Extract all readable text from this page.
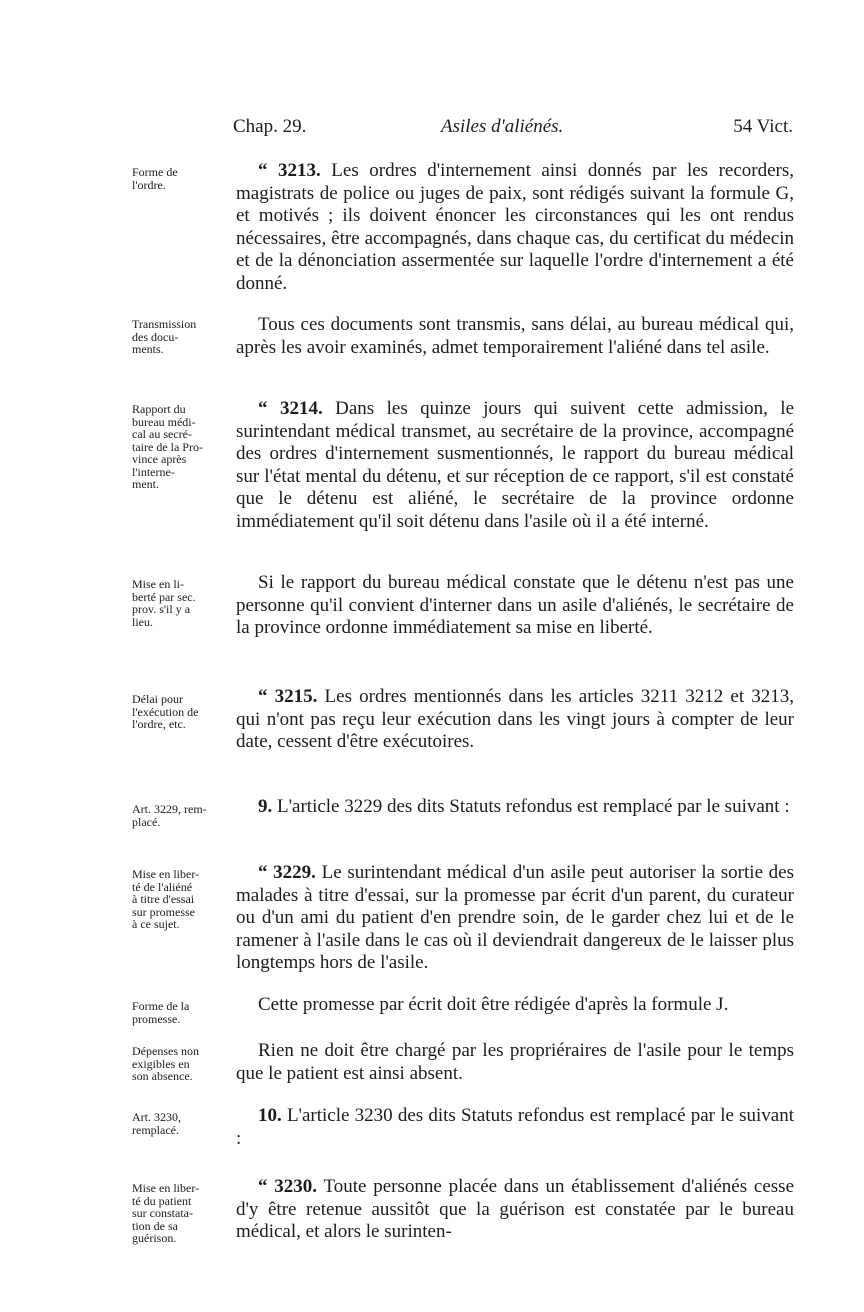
Chap. 29.	Asiles d'aliénés.	54 Vict.
Forme de
l'ordre.
Transmission
des docu-
ments.
Rapport du
bureau médi-
cal au secré-
taire de la Pro-
vince après
l'interne-
ment.
Mise en li-
berté par sec.
prov. s'il y a
lieu.
Délai pour
l'exécution de
l'ordre, etc.
Art. 3229, rem-
placé.
Mise en liber-
té de l'aliéné
à titre d'essai
sur promesse
à ce sujet.
Forme de la
promesse.
Dépenses non
exigibles en
son absence.
Art. 3230,
remplacé.
Mise en liber-
té du patient
sur constata-
tion de sa
guérison.

“ 3213. Les ordres d'internement ainsi donnés par les recorders, magistrats de police ou juges de paix, sont rédigés suivant la formule G, et motivés ; ils doivent énoncer les circonstances qui les ont rendus nécessaires, être accompagnés, dans chaque cas, du certificat du médecin et de la dénonciation assermentée sur laquelle l'ordre d'internement a été donné.

Tous ces documents sont transmis, sans délai, au bureau médical qui, après les avoir examinés, admet temporairement l'aliéné dans tel asile.

“ 3214. Dans les quinze jours qui suivent cette admission, le surintendant médical transmet, au secrétaire de la province, accompagné des ordres d'internement susmentionnés, le rapport du bureau médical sur l'état mental du détenu, et sur réception de ce rapport, s'il est constaté que le détenu est aliéné, le secrétaire de la province ordonne immédiatement qu'il soit détenu dans l'asile où il a été interné.

Si le rapport du bureau médical constate que le détenu n'est pas une personne qu'il convient d'interner dans un asile d'aliénés, le secrétaire de la province ordonne immédiatement sa mise en liberté.

“ 3215. Les ordres mentionnés dans les articles 3211 3212 et 3213, qui n'ont pas reçu leur exécution dans les vingt jours à compter de leur date, cessent d'être exécutoires.

9. L'article 3229 des dits Statuts refondus est remplacé par le suivant :

“ 3229. Le surintendant médical d'un asile peut autoriser la sortie des malades à titre d'essai, sur la promesse par écrit d'un parent, du curateur ou d'un ami du patient d'en prendre soin, de le garder chez lui et de le ramener à l'asile dans le cas où il deviendrait dangereux de le laisser plus longtemps hors de l'asile.

Cette promesse par écrit doit être rédigée d'après la formule J.

Rien ne doit être chargé par les propriéraires de l'asile pour le temps que le patient est ainsi absent.

10. L'article 3230 des dits Statuts refondus est remplacé par le suivant :

“ 3230. Toute personne placée dans un établissement d'aliénés cesse d'y être retenue aussitôt que la guérison est constatée par le bureau médical, et alors le surinten-
